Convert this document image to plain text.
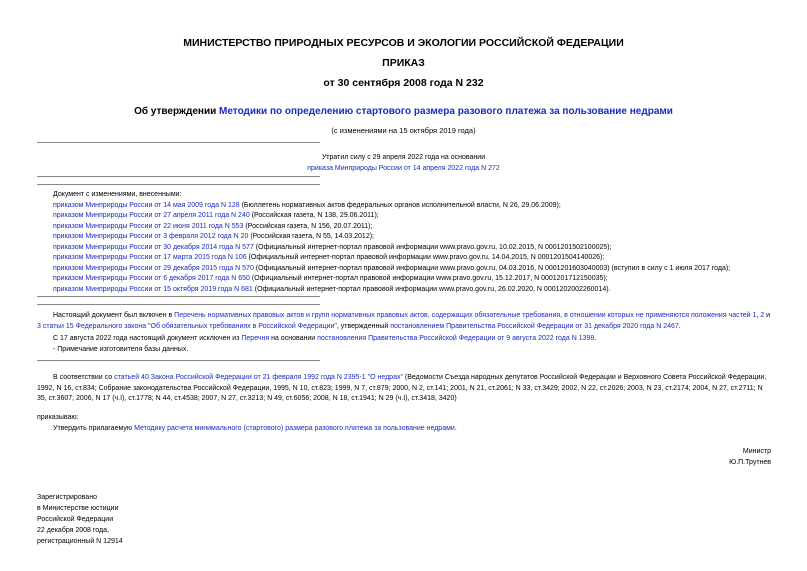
МИНИСТЕРСТВО ПРИРОДНЫХ РЕСУРСОВ И ЭКОЛОГИИ РОССИЙСКОЙ ФЕДЕРАЦИИ
ПРИКАЗ
от 30 сентября 2008 года N 232
Об утверждении Методики по определению стартового размера разового платежа за пользование недрами
(с изменениями на 15 октября 2019 года)
Утратил силу с 29 апреля 2022 года на основании
приказа Минприроды России от 14 апреля 2022 года N 272
Документ с изменениями, внесенными:
приказом Минприроды России от 14 мая 2009 года N 128 (Бюллетень нормативных актов федеральных органов исполнительной власти, N 26, 29.06.2009);
приказом Минприроды России от 27 апреля 2011 года N 240 (Российская газета, N 138, 29.06.2011);
приказом Минприроды России от 22 июня 2011 года N 553 (Российская газета, N 156, 20.07.2011);
приказом Минприроды России от 3 февраля 2012 года N 20 (Российская газета, N 55, 14.03.2012);
приказом Минприроды России от 30 декабря 2014 года N 577 (Официальный интернет-портал правовой информации www.pravo.gov.ru, 10.02.2015, N 0001201502100025);
приказом Минприроды России от 17 марта 2015 года N 106 (Официальный интернет-портал правовой информации www.pravo.gov.ru, 14.04.2015, N 0001201504140026);
приказом Минприроды России от 29 декабря 2015 года N 570 (Официальный интернет-портал правовой информации www.pravo.gov.ru, 04.03.2016, N 0001201603040003) (вступил в силу с 1 июля 2017 года);
приказом Минприроды России от 6 декабря 2017 года N 650 (Официальный интернет-портал правовой информации www.pravo.gov.ru, 15.12.2017, N 0001201712150035);
приказом Минприроды России от 15 октября 2019 года N 681 (Официальный интернет-портал правовой информации www.pravo.gov.ru, 26.02.2020, N 0001202002260014).
Настоящий документ был включен в Перечень нормативных правовых актов и групп нормативных правовых актов, содержащих обязательные требования, в отношении которых не применяются положения частей 1, 2 и 3 статьи 15 Федерального закона "Об обязательных требованиях в Российской Федерации", утвержденный постановлением Правительства Российской Федерации от 31 декабря 2020 года N 2467.
С 17 августа 2022 года настоящий документ исключен из Перечня на основании постановления Правительства Российской Федерации от 9 августа 2022 года N 1398.
- Примечание изготовителя базы данных.
В соответствии со статьей 40 Закона Российской Федерации от 21 февраля 1992 года N 2395-1 "О недрах" (Ведомости Съезда народных депутатов Российской Федерации и Верховного Совета Российской Федерации, 1992, N 16, ст.834; Собрание законодательства Российской Федерации, 1995, N 10, ст.823; 1999, N 7, ст.879; 2000, N 2, ст.141; 2001, N 21, ст.2061; N 33, ст.3429; 2002, N 22, ст.2026; 2003, N 23, ст.2174; 2004, N 27, ст.2711; N 35, ст.3607; 2006, N 17 (ч.I), ст.1778; N 44, ст.4538; 2007, N 27, ст.3213; N 49, ст.6056; 2008, N 18, ст.1941; N 29 (ч.I), ст.3418, 3420)
приказываю:
Утвердить прилагаемую Методику расчета минимального (стартового) размера разового платежа за пользование недрами.
Министр
Ю.П.Трутнев
Зарегистрировано
в Министерстве юстиции
Российской Федерации
22 декабря 2008 года,
регистрационный N 12914
